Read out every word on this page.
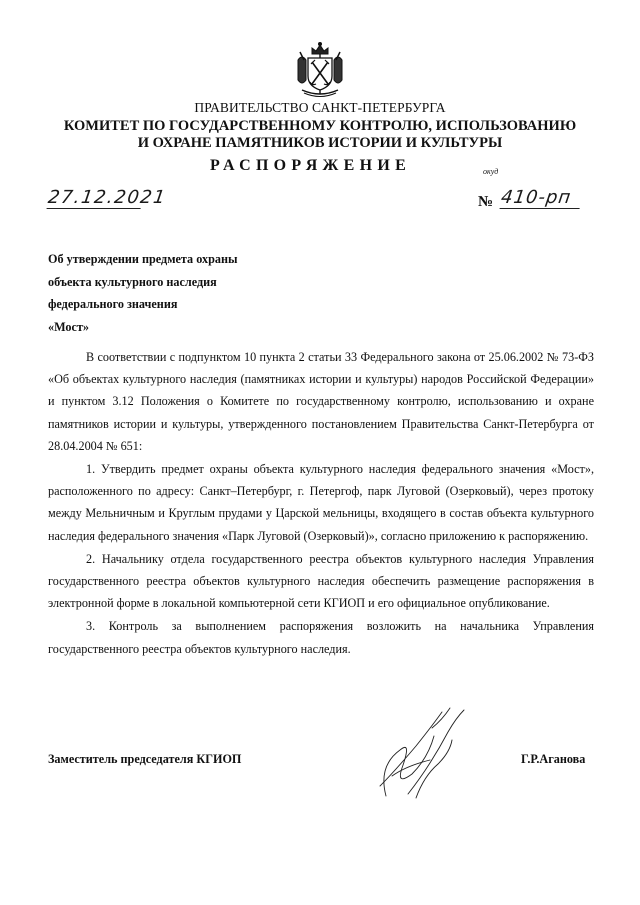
ПРАВИТЕЛЬСТВО САНКТ-ПЕТЕРБУРГА
КОМИТЕТ ПО ГОСУДАРСТВЕННОМУ КОНТРОЛЮ, ИСПОЛЬЗОВАНИЮ
И ОХРАНЕ ПАМЯТНИКОВ ИСТОРИИ И КУЛЬТУРЫ
РАСПОРЯЖЕНИЕ	окуд
27.12.2021	№ 410-рп
Об утверждении предмета охраны
объекта культурного наследия
федерального значения
«Мост»

В соответствии с подпунктом 10 пункта 2 статьи 33 Федерального закона от 25.06.2002 № 73-ФЗ «Об объектах культурного наследия (памятниках истории и культуры) народов Российской Федерации» и пунктом 3.12 Положения о Комитете по государственному контролю, использованию и охране памятников истории и культуры, утвержденного постановлением Правительства Санкт-Петербурга от 28.04.2004 № 651:

1. Утвердить предмет охраны объекта культурного наследия федерального значения «Мост», расположенного по адресу: Санкт–Петербург, г. Петергоф, парк Луговой (Озерковый), через протоку между Мельничным и Круглым прудами у Царской мельницы, входящего в состав объекта культурного наследия федерального значения «Парк Луговой (Озерковый)», согласно приложению к распоряжению.

2. Начальнику отдела государственного реестра объектов культурного наследия Управления государственного реестра объектов культурного наследия обеспечить размещение распоряжения в электронной форме в локальной компьютерной сети КГИОП и его официальное опубликование.

3. Контроль за выполнением распоряжения возложить на начальника Управления государственного реестра объектов культурного наследия.

Заместитель председателя КГИОП	Г.Р.Аганова
